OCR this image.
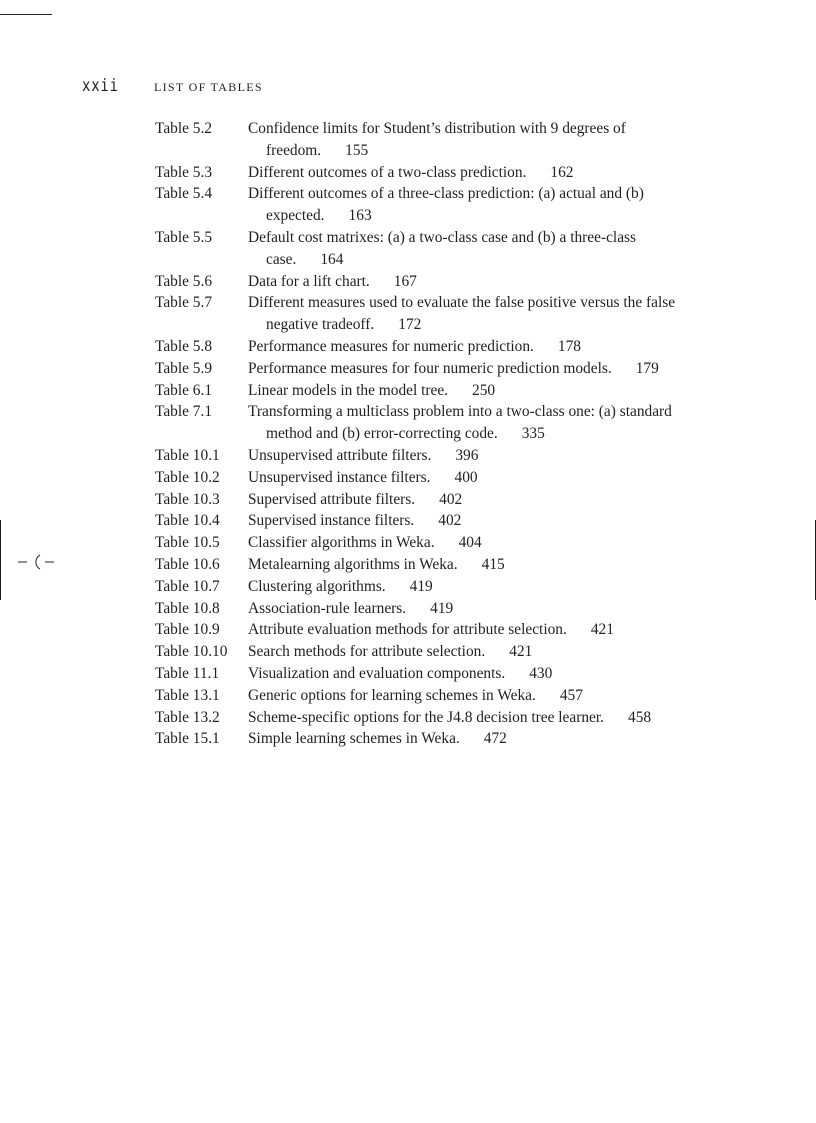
xxii	LIST OF TABLES
Table 5.2	Confidence limits for Student’s distribution with 9 degrees of freedom. 155
Table 5.3	Different outcomes of a two-class prediction. 162
Table 5.4	Different outcomes of a three-class prediction: (a) actual and (b) expected. 163
Table 5.5	Default cost matrixes: (a) a two-class case and (b) a three-class case. 164
Table 5.6	Data for a lift chart. 167
Table 5.7	Different measures used to evaluate the false positive versus the false negative tradeoff. 172
Table 5.8	Performance measures for numeric prediction. 178
Table 5.9	Performance measures for four numeric prediction models. 179
Table 6.1	Linear models in the model tree. 250
Table 7.1	Transforming a multiclass problem into a two-class one: (a) standard method and (b) error-correcting code. 335
Table 10.1	Unsupervised attribute filters. 396
Table 10.2	Unsupervised instance filters. 400
Table 10.3	Supervised attribute filters. 402
Table 10.4	Supervised instance filters. 402
Table 10.5	Classifier algorithms in Weka. 404
Table 10.6	Metalearning algorithms in Weka. 415
Table 10.7	Clustering algorithms. 419
Table 10.8	Association-rule learners. 419
Table 10.9	Attribute evaluation methods for attribute selection. 421
Table 10.10	Search methods for attribute selection. 421
Table 11.1	Visualization and evaluation components. 430
Table 13.1	Generic options for learning schemes in Weka. 457
Table 13.2	Scheme-specific options for the J4.8 decision tree learner. 458
Table 15.1	Simple learning schemes in Weka. 472
